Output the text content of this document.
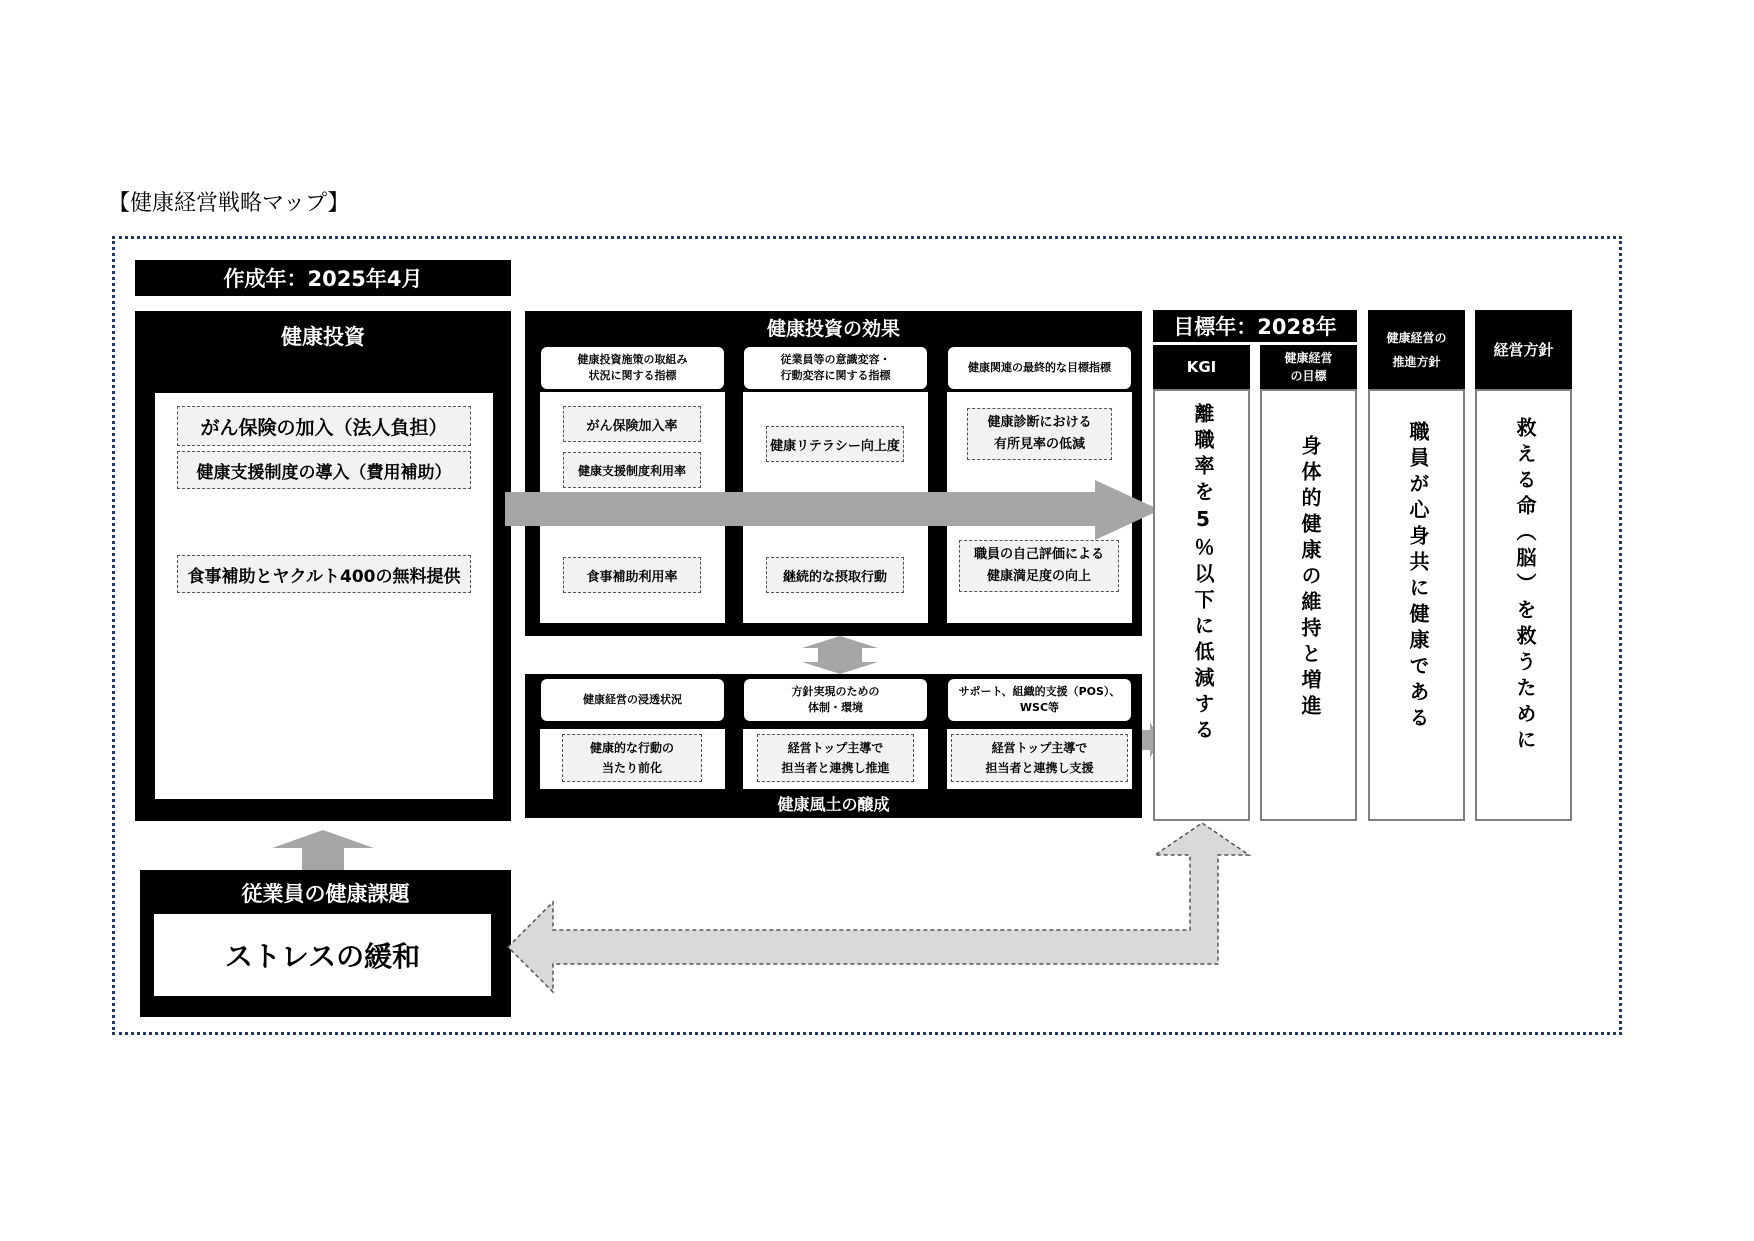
【健康経営戦略マップ】
作成年：2025年4月
健康投資
がん保険の加入（法人負担）
健康支援制度の導入（費用補助）
食事補助とヤクルト400の無料提供
健康投資の効果
健康投資施策の取組み
状況に関する指標
従業員等の意識変容・
行動変容に関する指標
健康関連の最終的な目標指標
がん保険加入率
健康支援制度利用率
食事補助利用率
健康リテラシー向上度
継続的な摂取行動
健康診断における
有所見率の低減
職員の自己評価による
健康満足度の向上
健康経営の浸透状況
方針実現のための
体制・環境
サポート、組織的支援（POS）、
WSC等
健康的な行動の
当たり前化
経営トップ主導で
担当者と連携し推進
経営トップ主導で
担当者と連携し支援
健康風土の醸成
目標年：2028年
KGI
離職率を5％以下に低減する
健康経営
の目標
身体的健康の維持と増進
健康経営の
推進方針
職員が心身共に健康である
経営方針
救える命（脳）を救うために
従業員の健康課題
ストレスの緩和
